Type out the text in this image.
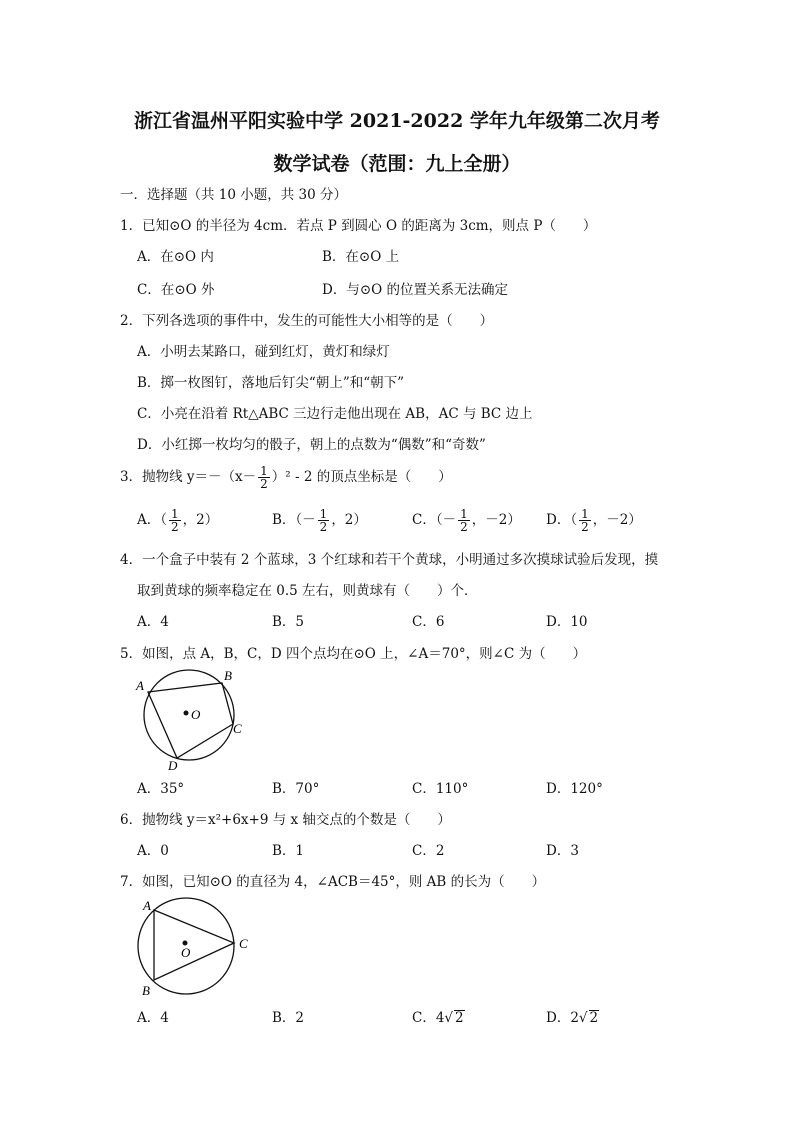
浙江省温州平阳实验中学 2021-2022 学年九年级第二次月考
数学试卷（范围：九上全册）
一．选择题（共 10 小题，共 30 分）
1．已知⊙O 的半径为 4cm．若点 P 到圆心 O 的距离为 3cm，则点 P（　　）
A．在⊙O 内	B．在⊙O 上
C．在⊙O 外	D．与⊙O 的位置关系无法确定
2．下列各选项的事件中，发生的可能性大小相等的是（　　）
A．小明去某路口，碰到红灯，黄灯和绿灯
B．掷一枚图钉，落地后钉尖“朝上”和“朝下”
C．小亮在沿着 Rt△ABC 三边行走他出现在 AB，AC 与 BC 边上
D．小红掷一枚均匀的骰子，朝上的点数为“偶数”和“奇数”
3．抛物线 $y=-(x- \frac{1}{2} )^2 - 2$ 的顶点坐标是（　　）
A．（ $\frac{1}{2}$ ，2）	B．（－ $\frac{1}{2}$ ，2）	C．（－ $\frac{1}{2}$ ，－2） D．（ $\frac{1}{2}$ ，－2）
4．一个盒子中装有 2 个蓝球，3 个红球和若干个黄球，小明通过多次摸球试验后发现，摸
取到黄球的频率稳定在 0.5 左右，则黄球有（　　）个．
A．4	B．5	C．6	D．10
5．如图，点 A，B，C，D 四个点均在⊙O 上，∠A＝70°，则∠C 为（　　）
O
A
B
C
D
A．35°	B．70°	C．110°	D．120°
6．抛物线 y＝x²+6x+9 与 x 轴交点的个数是（　　）
A．0	B．1	C．2	D．3
7．如图，已知⊙O 的直径为 4，∠ACB＝45°，则 AB 的长为（　　）
O
A
B
C
A．4	B．2	C．4√ 2	D．2√ 2
